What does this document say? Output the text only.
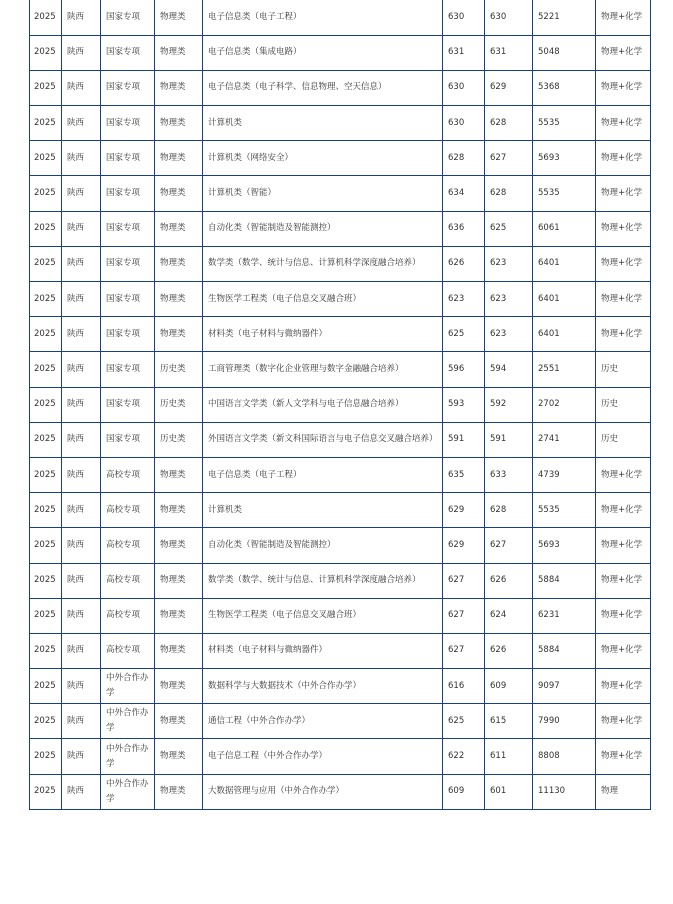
2025	陕西	国家专项	物理类	电子信息类（电子工程）	630	630	5221	物理+化学
2025	陕西	国家专项	物理类	电子信息类（集成电路）	631	631	5048	物理+化学
2025	陕西	国家专项	物理类	电子信息类（电子科学、信息物理、空天信息）	630	629	5368	物理+化学
2025	陕西	国家专项	物理类	计算机类	630	628	5535	物理+化学
2025	陕西	国家专项	物理类	计算机类（网络安全）	628	627	5693	物理+化学
2025	陕西	国家专项	物理类	计算机类（智能）	634	628	5535	物理+化学
2025	陕西	国家专项	物理类	自动化类（智能制造及智能测控）	636	625	6061	物理+化学
2025	陕西	国家专项	物理类	数学类（数学、统计与信息、计算机科学深度融合培养）	626	623	6401	物理+化学
2025	陕西	国家专项	物理类	生物医学工程类（电子信息交叉融合班）	623	623	6401	物理+化学
2025	陕西	国家专项	物理类	材料类（电子材料与微纳器件）	625	623	6401	物理+化学
2025	陕西	国家专项	历史类	工商管理类（数字化企业管理与数字金融融合培养）	596	594	2551	历史
2025	陕西	国家专项	历史类	中国语言文学类（新人文学科与电子信息融合培养）	593	592	2702	历史
2025	陕西	国家专项	历史类	外国语言文学类（新文科国际语言与电子信息交叉融合培养）	591	591	2741	历史
2025	陕西	高校专项	物理类	电子信息类（电子工程）	635	633	4739	物理+化学
2025	陕西	高校专项	物理类	计算机类	629	628	5535	物理+化学
2025	陕西	高校专项	物理类	自动化类（智能制造及智能测控）	629	627	5693	物理+化学
2025	陕西	高校专项	物理类	数学类（数学、统计与信息、计算机科学深度融合培养）	627	626	5884	物理+化学
2025	陕西	高校专项	物理类	生物医学工程类（电子信息交叉融合班）	627	624	6231	物理+化学
2025	陕西	高校专项	物理类	材料类（电子材料与微纳器件）	627	626	5884	物理+化学
2025	陕西	中外合作办学	物理类	数据科学与大数据技术（中外合作办学）	616	609	9097	物理+化学
2025	陕西	中外合作办学	物理类	通信工程（中外合作办学）	625	615	7990	物理+化学
2025	陕西	中外合作办学	物理类	电子信息工程（中外合作办学）	622	611	8808	物理+化学
2025	陕西	中外合作办学	物理类	大数据管理与应用（中外合作办学）	609	601	11130	物理
